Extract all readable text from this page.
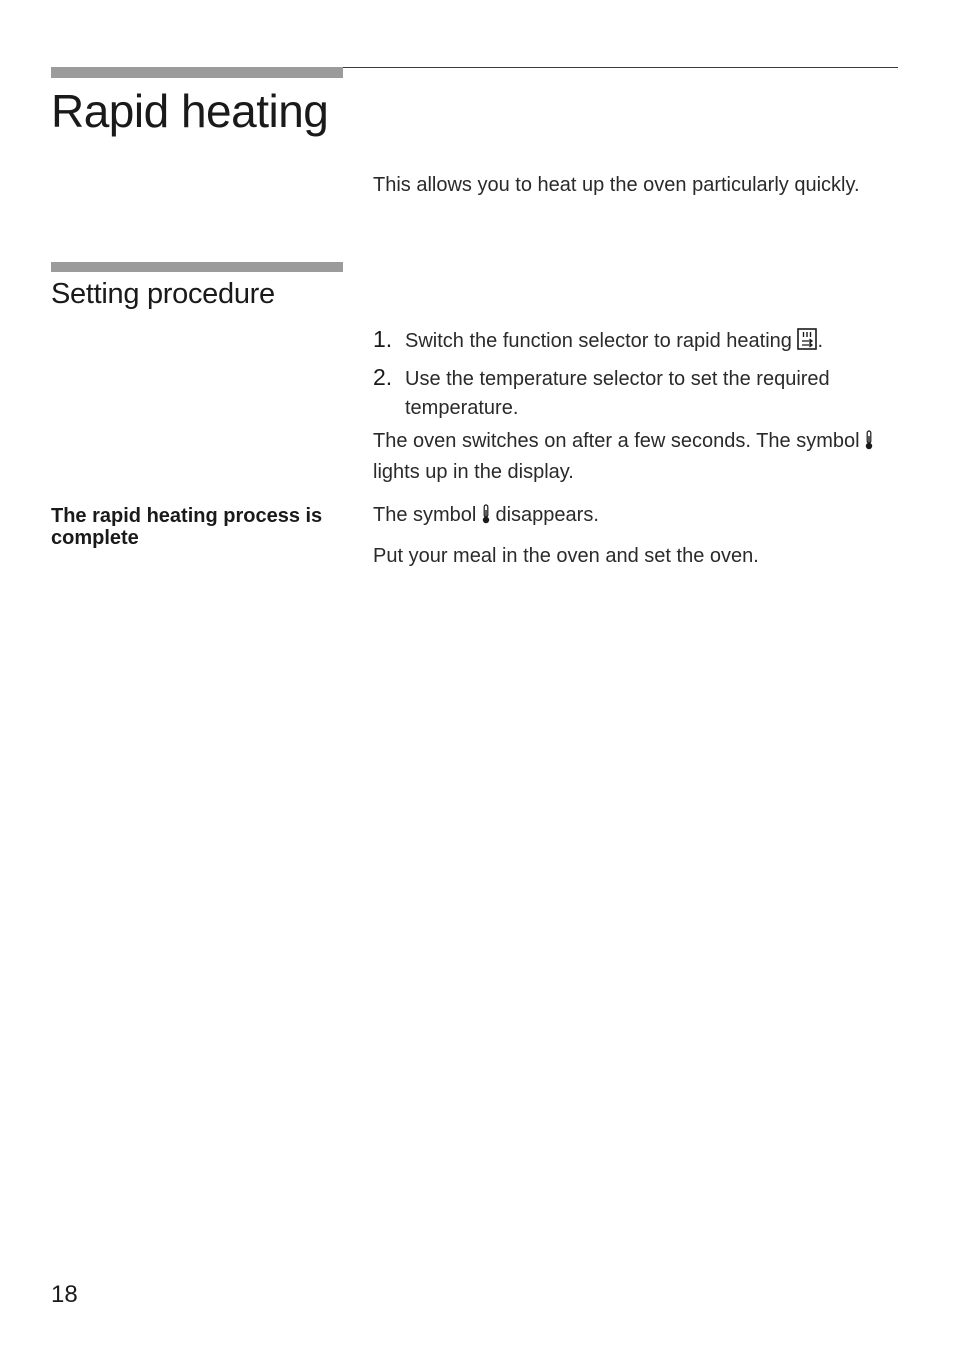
Rapid heating

This allows you to heat up the oven particularly quickly.

Setting procedure
1. Switch the function selector to rapid heating .
2. Use the temperature selector to set the required temperature.

The oven switches on after a few seconds. The symbol  lights up in the display.

The rapid heating process is complete

The symbol  disappears.

Put your meal in the oven and set the oven.

18
